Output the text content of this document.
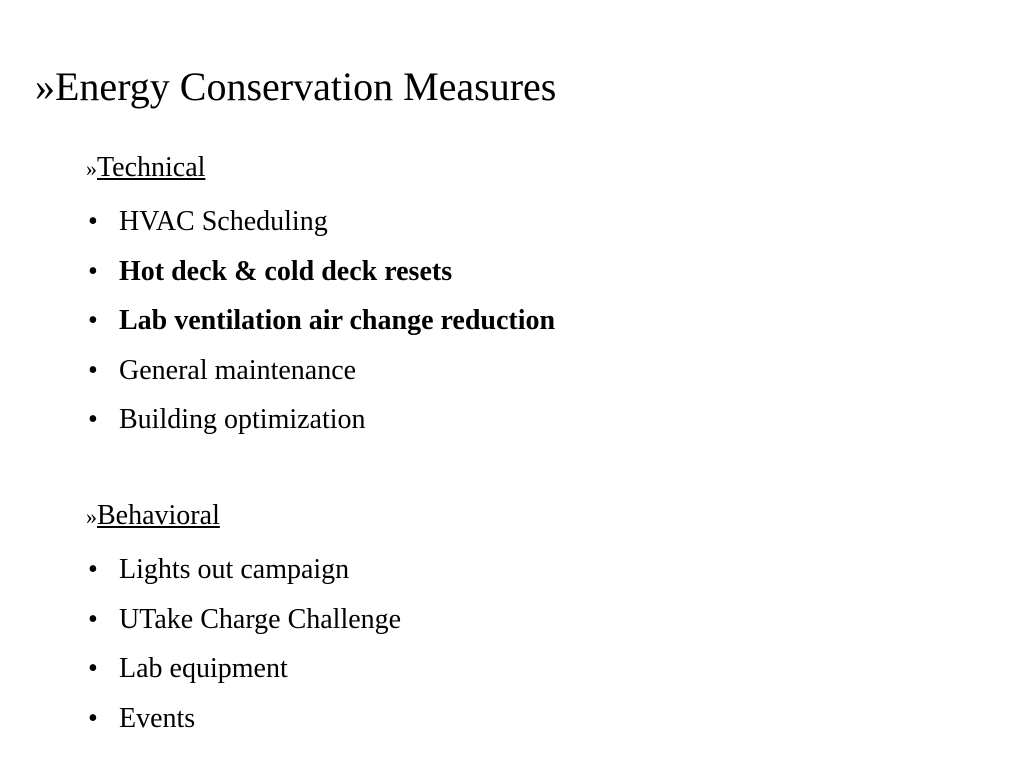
»Energy Conservation Measures
»Technical
• HVAC Scheduling
• Hot deck & cold deck resets
• Lab ventilation air change reduction
• General maintenance
• Building optimization
»Behavioral
• Lights out campaign
• UTake Charge Challenge
• Lab equipment
• Events
